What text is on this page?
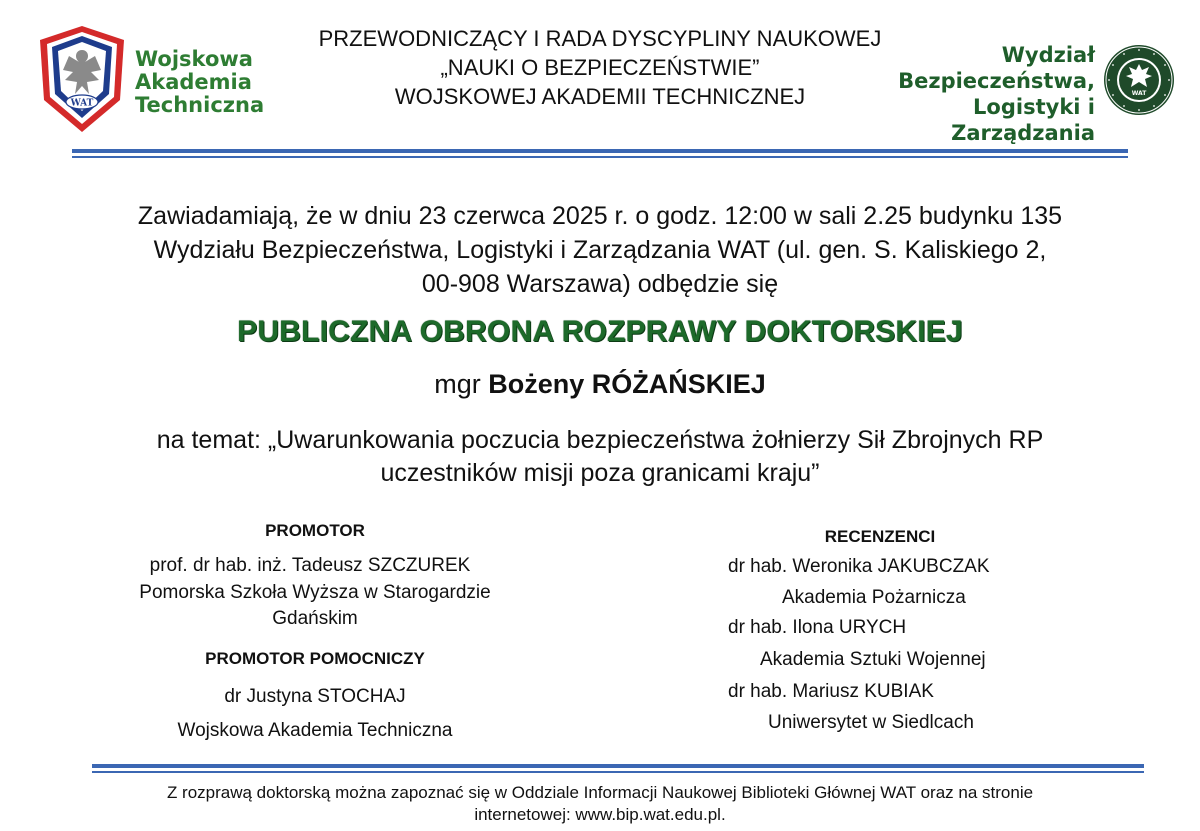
WAT
Wojskowa
Akademia
Techniczna
PRZEWODNICZĄCY I RADA DYSCYPLINY NAUKOWEJ
„NAUKI O BEZPIECZEŃSTWIE”
WOJSKOWEJ AKADEMII TECHNICZNEJ
Wydział
Bezpieczeństwa,
Logistyki i Zarządzania
WAT
Zawiadamiają, że w dniu 23 czerwca 2025 r. o godz. 12:00 w sali 2.25 budynku 135
Wydziału Bezpieczeństwa, Logistyki i Zarządzania WAT (ul. gen. S. Kaliskiego 2,
00-908 Warszawa) odbędzie się
PUBLICZNA OBRONA ROZPRAWY DOKTORSKIEJ
mgr Bożeny RÓŻAŃSKIEJ
na temat: „Uwarunkowania poczucia bezpieczeństwa żołnierzy Sił Zbrojnych RP
uczestników misji poza granicami kraju”
PROMOTOR
prof. dr hab. inż. Tadeusz SZCZUREK
Pomorska Szkoła Wyższa w Starogardzie
Gdańskim
PROMOTOR POMOCNICZY
dr Justyna STOCHAJ
Wojskowa Akademia Techniczna
RECENZENCI
dr hab. Weronika JAKUBCZAK
Akademia Pożarnicza
dr hab. Ilona URYCH
Akademia Sztuki Wojennej
dr hab. Mariusz KUBIAK
Uniwersytet w Siedlcach
Z rozprawą doktorską można zapoznać się w Oddziale Informacji Naukowej Biblioteki Głównej WAT oraz na stronie
internetowej: www.bip.wat.edu.pl.
